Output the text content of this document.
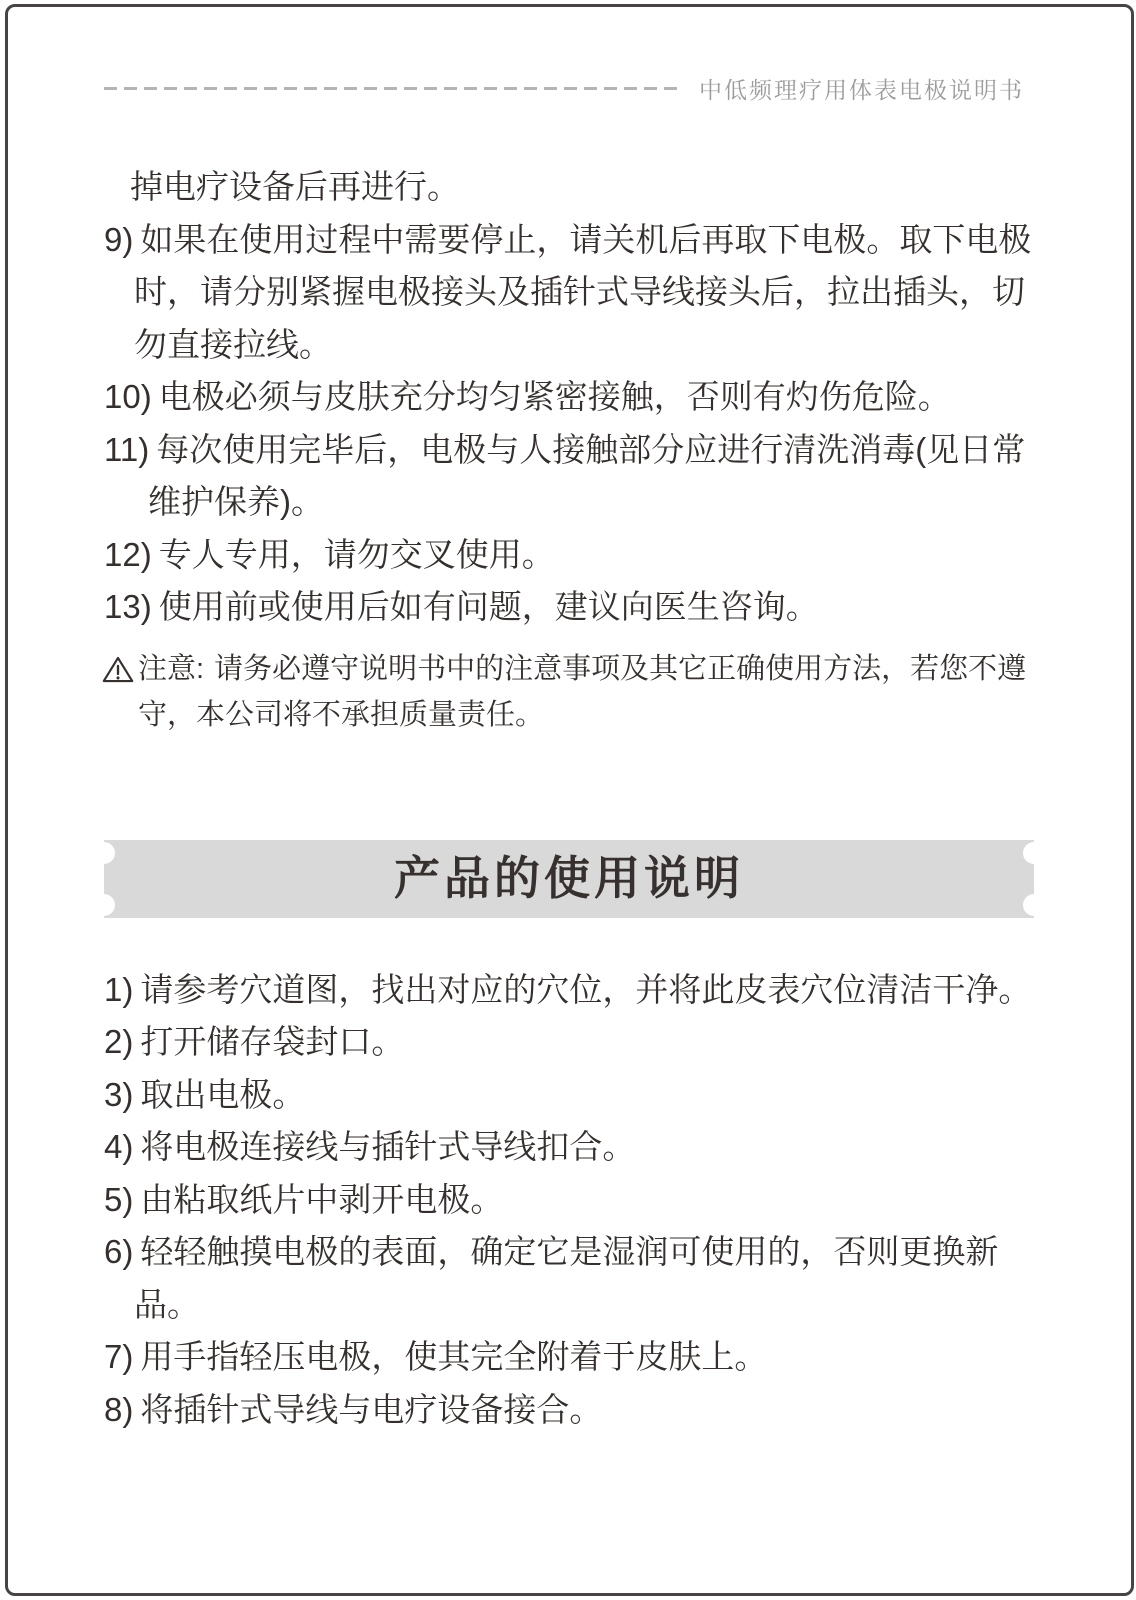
中低频理疗用体表电极说明书
掉电疗设备后再进行。
9) 如果在使用过程中需要停止，请关机后再取下电极。取下电极时，请分别紧握电极接头及插针式导线接头后，拉出插头，切勿直接拉线。
10) 电极必须与皮肤充分均匀紧密接触，否则有灼伤危险。
11) 每次使用完毕后，电极与人接触部分应进行清洗消毒(见日常维护保养)。
12) 专人专用，请勿交叉使用。
13) 使用前或使用后如有问题，建议向医生咨询。
注意: 请务必遵守说明书中的注意事项及其它正确使用方法，若您不遵守，本公司将不承担质量责任。
产品的使用说明
1) 请参考穴道图，找出对应的穴位，并将此皮表穴位清洁干净。
2) 打开储存袋封口。
3) 取出电极。
4) 将电极连接线与插针式导线扣合。
5) 由粘取纸片中剥开电极。
6) 轻轻触摸电极的表面，确定它是湿润可使用的，否则更换新品。
7) 用手指轻压电极，使其完全附着于皮肤上。
8) 将插针式导线与电疗设备接合。
